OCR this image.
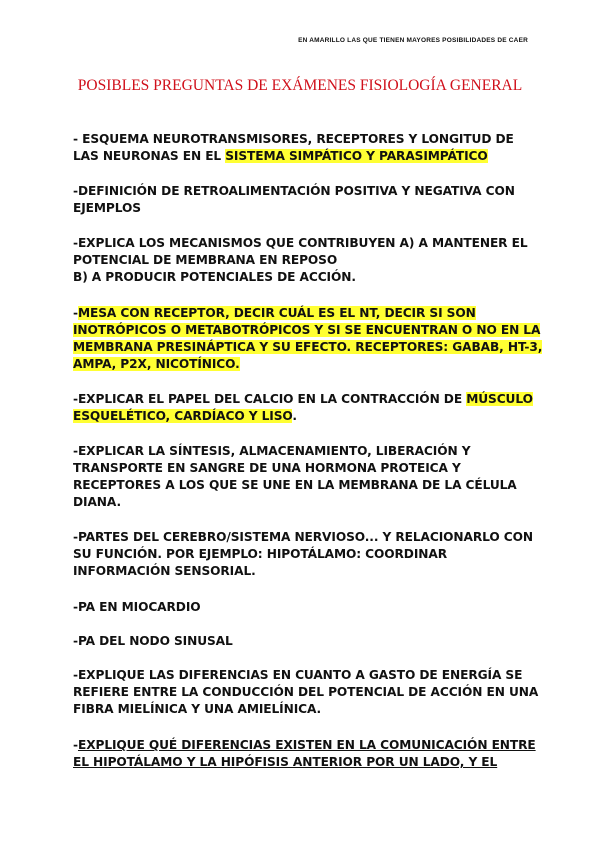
EN AMARILLO LAS QUE TIENEN MAYORES POSIBILIDADES DE CAER
POSIBLES PREGUNTAS DE EXÁMENES FISIOLOGÍA GENERAL

- ESQUEMA NEUROTRANSMISORES, RECEPTORES Y LONGITUD DE LAS NEURONAS EN EL SISTEMA SIMPÁTICO Y PARASIMPÁTICO

-DEFINICIÓN DE RETROALIMENTACIÓN POSITIVA Y NEGATIVA CON EJEMPLOS

-EXPLICA LOS MECANISMOS QUE CONTRIBUYEN A) A MANTENER EL POTENCIAL DE MEMBRANA EN REPOSO
B) A PRODUCIR POTENCIALES DE ACCIÓN.

-MESA CON RECEPTOR, DECIR CUÁL ES EL NT, DECIR SI SON INOTRÓPICOS O METABOTRÓPICOS Y SI SE ENCUENTRAN O NO EN LA MEMBRANA PRESINÁPTICA Y SU EFECTO. RECEPTORES: GABAB, HT-3, AMPA, P2X, NICOTÍNICO.

-EXPLICAR EL PAPEL DEL CALCIO EN LA CONTRACCIÓN DE MÚSCULO ESQUELÉTICO, CARDÍACO Y LISO.

-EXPLICAR LA SÍNTESIS, ALMACENAMIENTO, LIBERACIÓN Y TRANSPORTE EN SANGRE DE UNA HORMONA PROTEICA Y RECEPTORES A LOS QUE SE UNE EN LA MEMBRANA DE LA CÉLULA DIANA.

-PARTES DEL CEREBRO/SISTEMA NERVIOSO... Y RELACIONARLO CON SU FUNCIÓN. POR EJEMPLO: HIPOTÁLAMO: COORDINAR INFORMACIÓN SENSORIAL.

-PA EN MIOCARDIO

-PA DEL NODO SINUSAL

-EXPLIQUE LAS DIFERENCIAS EN CUANTO A GASTO DE ENERGÍA SE REFIERE ENTRE LA CONDUCCIÓN DEL POTENCIAL DE ACCIÓN EN UNA FIBRA MIELÍNICA Y UNA AMIELÍNICA.

-EXPLIQUE QUÉ DIFERENCIAS EXISTEN EN LA COMUNICACIÓN ENTRE EL HIPOTÁLAMO Y LA HIPÓFISIS ANTERIOR POR UN LADO, Y EL
